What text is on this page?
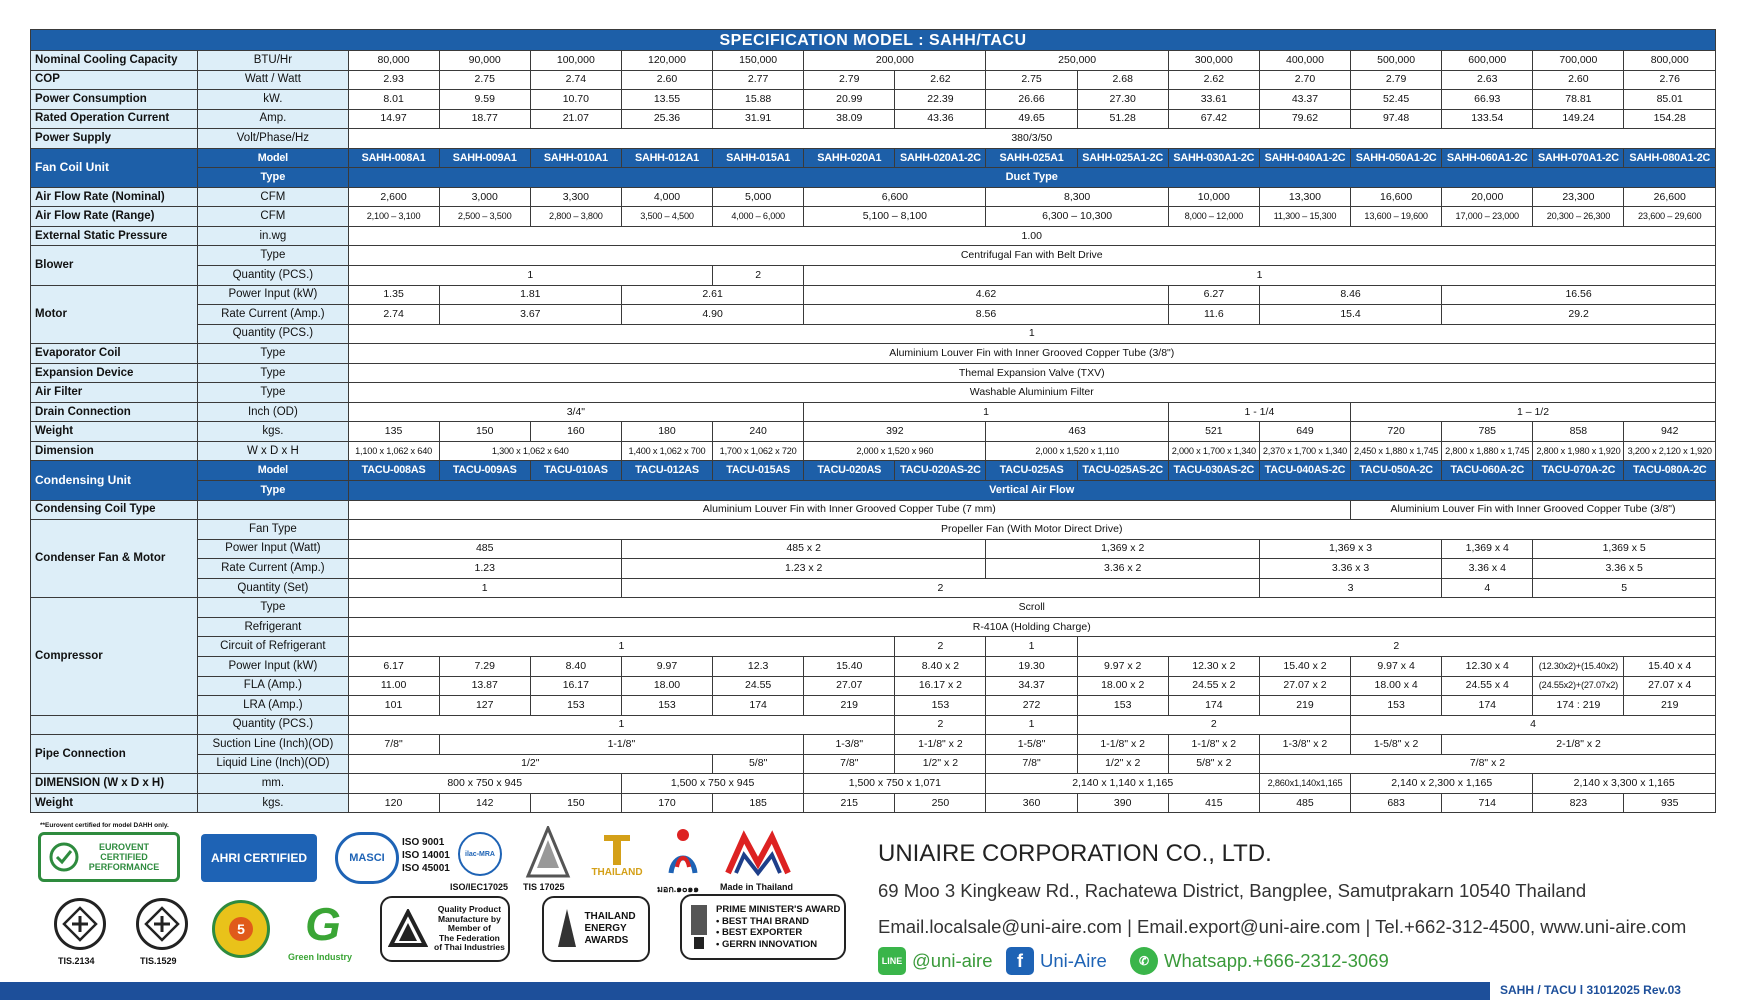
SPECIFICATION MODEL : SAHH/TACU																
Nominal Cooling Capacity	BTU/Hr	80,000	90,000	100,000	120,000	150,000	200,000		250,000		300,000	400,000	500,000	600,000	700,000	800,000
COP	Watt / Watt	2.93	2.75	2.74	2.60	2.77	2.79	2.62	2.75	2.68	2.62	2.70	2.79	2.63	2.60	2.76
Power Consumption	kW.	8.01	9.59	10.70	13.55	15.88	20.99	22.39	26.66	27.30	33.61	43.37	52.45	66.93	78.81	85.01
Rated Operation Current	Amp.	14.97	18.77	21.07	25.36	31.91	38.09	43.36	49.65	51.28	67.42	79.62	97.48	133.54	149.24	154.28
Power Supply	Volt/Phase/Hz	380/3/50														
Fan Coil Unit	Model	SAHH-008A1	SAHH-009A1	SAHH-010A1	SAHH-012A1	SAHH-015A1	SAHH-020A1	SAHH-020A1-2C	SAHH-025A1	SAHH-025A1-2C	SAHH-030A1-2C	SAHH-040A1-2C	SAHH-050A1-2C	SAHH-060A1-2C	SAHH-070A1-2C	SAHH-080A1-2C
	Type	Duct Type														
Air Flow Rate (Nominal)	CFM	2,600	3,000	3,300	4,000	5,000	6,600		8,300		10,000	13,300	16,600	20,000	23,300	26,600
Air Flow Rate (Range)	CFM	2,100 – 3,100	2,500 – 3,500	2,800 – 3,800	3,500 – 4,500	4,000 – 6,000	5,100 – 8,100		6,300 – 10,300		8,000 – 12,000	11,300 – 15,300	13,600 – 19,600	17,000 – 23,000	20,300 – 26,300	23,600 – 29,600
External Static Pressure	in.wg	1.00														
Blower	Type	Centrifugal Fan with Belt Drive														
	Quantity (PCS.)	1				2	1									
Motor	Power Input (kW)	1.35	1.81		2.61		4.62				6.27	8.46		16.56		
	Rate Current (Amp.)	2.74	3.67		4.90		8.56				11.6	15.4		29.2		
	Quantity (PCS.)	1														
Evaporator Coil	Type	Aluminium Louver Fin with Inner Grooved Copper Tube (3/8")														
Expansion Device	Type	Themal Expansion Valve (TXV)														
Air Filter	Type	Washable Aluminium Filter														
Drain Connection	Inch (OD)	3/4"					1				1 - 1/4		1 – 1/2			
Weight	kgs.	135	150	160	180	240	392		463		521	649	720	785	858	942
Dimension	W x D x H	1,100 x 1,062 x 640	1,300 x 1,062 x 640		1,400 x 1,062 x 700	1,700 x 1,062 x 720	2,000 x 1,520 x 960		2,000 x 1,520 x 1,110		2,000 x 1,700 x 1,340	2,370 x 1,700 x 1,340	2,450 x 1,880 x 1,745	2,800 x 1,880 x 1,745	2,800 x 1,980 x 1,920	3,200 x 2,120 x 1,920
Condensing Unit	Model	TACU-008AS	TACU-009AS	TACU-010AS	TACU-012AS	TACU-015AS	TACU-020AS	TACU-020AS-2C	TACU-025AS	TACU-025AS-2C	TACU-030AS-2C	TACU-040AS-2C	TACU-050A-2C	TACU-060A-2C	TACU-070A-2C	TACU-080A-2C
	Type	Vertical Air Flow														
Condensing Coil Type		Aluminium Louver Fin with Inner Grooved Copper Tube (7 mm)											Aluminium Louver Fin with Inner Grooved Copper Tube (3/8")			
Condenser Fan & Motor	Fan Type	Propeller Fan (With Motor Direct Drive)														
	Power Input (Watt)	485			485 x 2				1,369 x 2			1,369 x 3		1,369 x 4	1,369 x 5	
	Rate Current (Amp.)	1.23			1.23 x 2				3.36 x 2			3.36 x 3		3.36 x 4	3.36 x 5	
	Quantity (Set)	1			2							3		4	5	
Compressor	Type	Scroll														
	Refrigerant	R-410A (Holding Charge)														
	Circuit of Refrigerant	1						2	1	2						
	Power Input (kW)	6.17	7.29	8.40	9.97	12.3	15.40	8.40 x 2	19.30	9.97 x 2	12.30 x 2	15.40 x 2	9.97 x 4	12.30 x 4	(12.30x2)+(15.40x2)	15.40 x 4
	FLA (Amp.)	11.00	13.87	16.17	18.00	24.55	27.07	16.17 x 2	34.37	18.00 x 2	24.55 x 2	27.07 x 2	18.00 x 4	24.55 x 4	(24.55x2)+(27.07x2)	27.07 x 4
	LRA (Amp.)	101	127	153	153	174	219	153	272	153	174	219	153	174	174 : 219	219
	Quantity (PCS.)	1						2	1	2			4			
Pipe Connection	Suction Line (Inch)(OD)	7/8"	1-1/8"				1-3/8"	1-1/8" x 2	1-5/8"	1-1/8" x 2	1-1/8" x 2	1-3/8" x 2	1-5/8" x 2	2-1/8" x 2		
	Liquid Line (Inch)(OD)	1/2"				5/8"	7/8"	1/2" x 2	7/8"	1/2" x 2	5/8" x 2	7/8" x 2				
DIMENSION (W x D x H)	mm.	800 x 750 x 945			1,500 x 750 x 945		1,500 x 750 x 1,071		2,140 x 1,140 x 1,165			2,860x1,140x1,165	2,140 x 2,300 x 1,165		2,140 x 3,300 x 1,165	
Weight	kgs.	120	142	150	170	185	215	250	360	390	415	485	683	714	823	935
**Eurovent certified for model DAHH only.
EUROVENT CERTIFIED PERFORMANCE
AHRI CERTIFIED	MASCI
ISO 9001
ISO 14001
ISO 45001
ilac-MRA
ISO/IEC17025 TIS 17025
THAILAND
มอก.๑๐๑๑ Made in Thailand
TIS.2134	TIS.1529
5 G
Green Industry
Quality Product
Manufacture by
Member of
The Federation
of Thai Industries
THAILAND
ENERGY
AWARDS
PRIME MINISTER'S AWARD
• BEST THAI BRAND
• BEST EXPORTER
• GERRN INNOVATION
UNIAIRE CORPORATION CO., LTD.
69 Moo 3 Kingkeaw Rd., Rachatewa District, Bangplee, Samutprakarn 10540 Thailand
Email.localsale@uni-aire.com | Email.export@uni-aire.com | Tel.+662-312-4500, www.uni-aire.com
LINE @uni-aire	f Uni-Aire	✆ Whatsapp.+666-2312-3069
SAHH / TACU l 31012025 Rev.03
